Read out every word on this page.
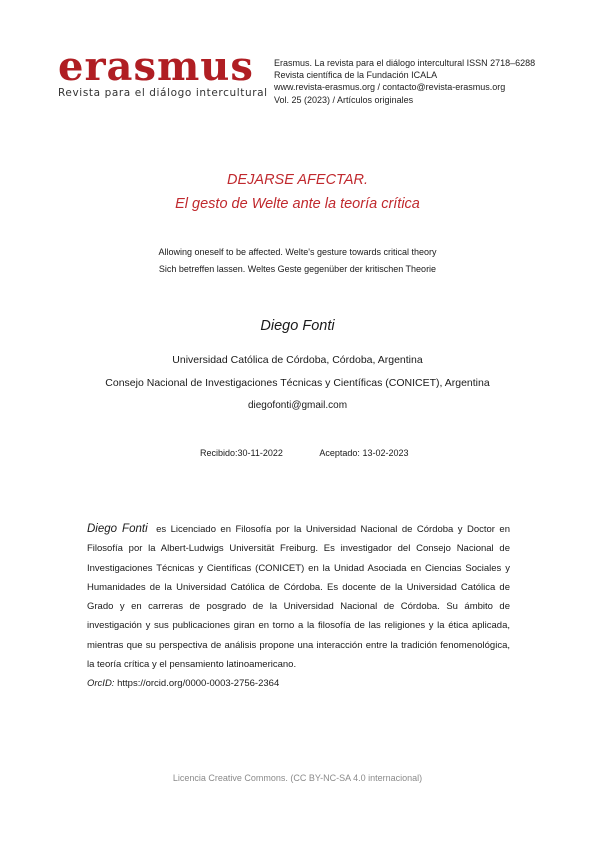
erasmus
Revista para el diálogo intercultural
Erasmus. La revista para el diálogo intercultural ISSN 2718–6288
Revista científica de la Fundación ICALA
www.revista-erasmus.org / contacto@revista-erasmus.org
Vol. 25 (2023) / Artículos originales
DEJARSE AFECTAR.
El gesto de Welte ante la teoría crítica
Allowing oneself to be affected. Welte's gesture towards critical theory
Sich betreffen lassen. Weltes Geste gegenüber der kritischen Theorie
Diego Fonti
Universidad Católica de Córdoba, Córdoba, Argentina
Consejo Nacional de Investigaciones Técnicas y Científicas (CONICET), Argentina
diegofonti@gmail.com
Recibido:30-11-2022	Aceptado: 13-02-2023
Diego Fonti es Licenciado en Filosofía por la Universidad Nacional de Córdoba y Doctor en Filosofía por la Albert-Ludwigs Universität Freiburg. Es investigador del Consejo Nacional de Investigaciones Técnicas y Científicas (CONICET) en la Unidad Asociada en Ciencias Sociales y Humanidades de la Universidad Católica de Córdoba. Es docente de la Universidad Católica de Grado y en carreras de posgrado de la Universidad Nacional de Córdoba. Su ámbito de investigación y sus publicaciones giran en torno a la filosofía de las religiones y la ética aplicada, mientras que su perspectiva de análisis propone una interacción entre la tradición fenomenológica, la teoría crítica y el pensamiento latinoamericano.
OrcID: https://orcid.org/0000-0003-2756-2364
Licencia Creative Commons. (CC BY-NC-SA 4.0 internacional)
